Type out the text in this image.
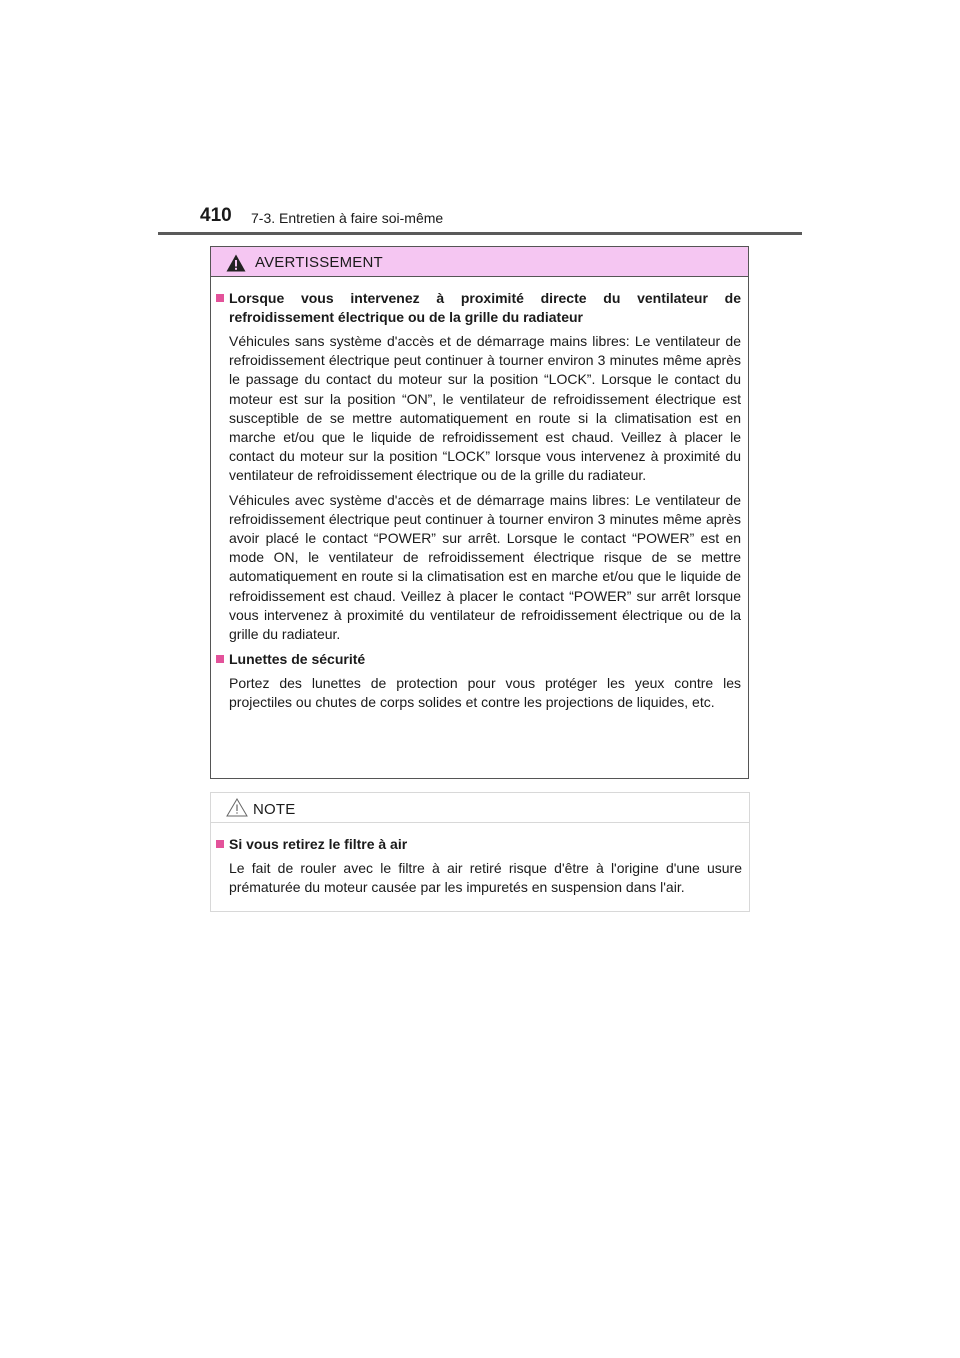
410 7-3. Entretien à faire soi-même
AVERTISSEMENT
Lorsque vous intervenez à proximité directe du ventilateur de refroidissement électrique ou de la grille du radiateur

Véhicules sans système d'accès et de démarrage mains libres: Le ventilateur de refroidissement électrique peut continuer à tourner environ 3 minutes même après le passage du contact du moteur sur la position “LOCK”. Lorsque le contact du moteur est sur la position “ON”, le ventilateur de refroidissement électrique est susceptible de se mettre automatiquement en route si la climatisation est en marche et/ou que le liquide de refroidissement est chaud. Veillez à placer le contact du moteur sur la position “LOCK” lorsque vous intervenez à proximité du ventilateur de refroidissement électrique ou de la grille du radiateur.

Véhicules avec système d'accès et de démarrage mains libres: Le ventilateur de refroidissement électrique peut continuer à tourner environ 3 minutes même après avoir placé le contact “POWER” sur arrêt. Lorsque le contact “POWER” est en mode ON, le ventilateur de refroidissement électrique risque de se mettre automatiquement en route si la climatisation est en marche et/ou que le liquide de refroidissement est chaud. Veillez à placer le contact “POWER” sur arrêt lorsque vous intervenez à proximité du ventilateur de refroidissement électrique ou de la grille du radiateur.

Lunettes de sécurité

Portez des lunettes de protection pour vous protéger les yeux contre les projectiles ou chutes de corps solides et contre les projections de liquides, etc.

NOTE
Si vous retirez le filtre à air

Le fait de rouler avec le filtre à air retiré risque d'être à l'origine d'une usure prématurée du moteur causée par les impuretés en suspension dans l'air.
